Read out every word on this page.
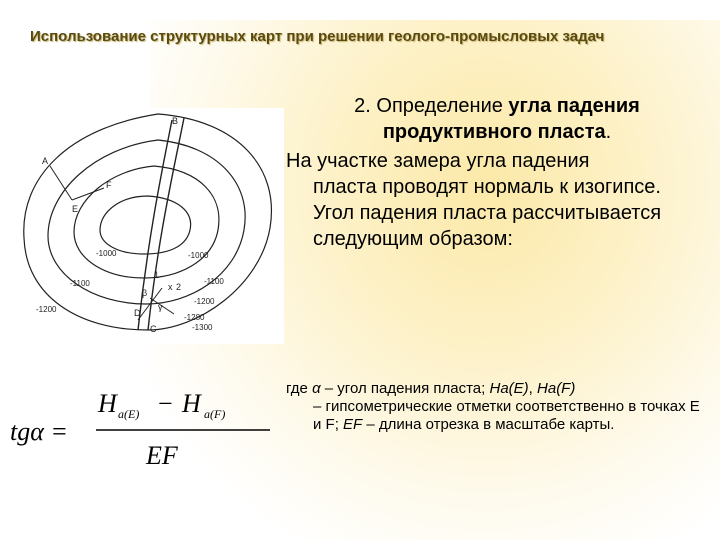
Использование структурных карт при решении геолого-промысловых задач
В
А
Е
F
С
D
-1000
-1100
-1200
-1000
-1100
-1200
-1280
-1300
γ
β
x
1
2
2. Определение угла падения продуктивного пласта.
На участке замера угла падения
пласта проводят нормаль к изогипсе. Угол падения пласта рассчитывается следующим образом:
tgα =
H a(E) − H a(F)
EF
где α – угол падения пласта; Ha(E), Ha(F)
– гипсометрические отметки соответственно в точках Е и F; EF – длина отрезка в масштабе карты.
